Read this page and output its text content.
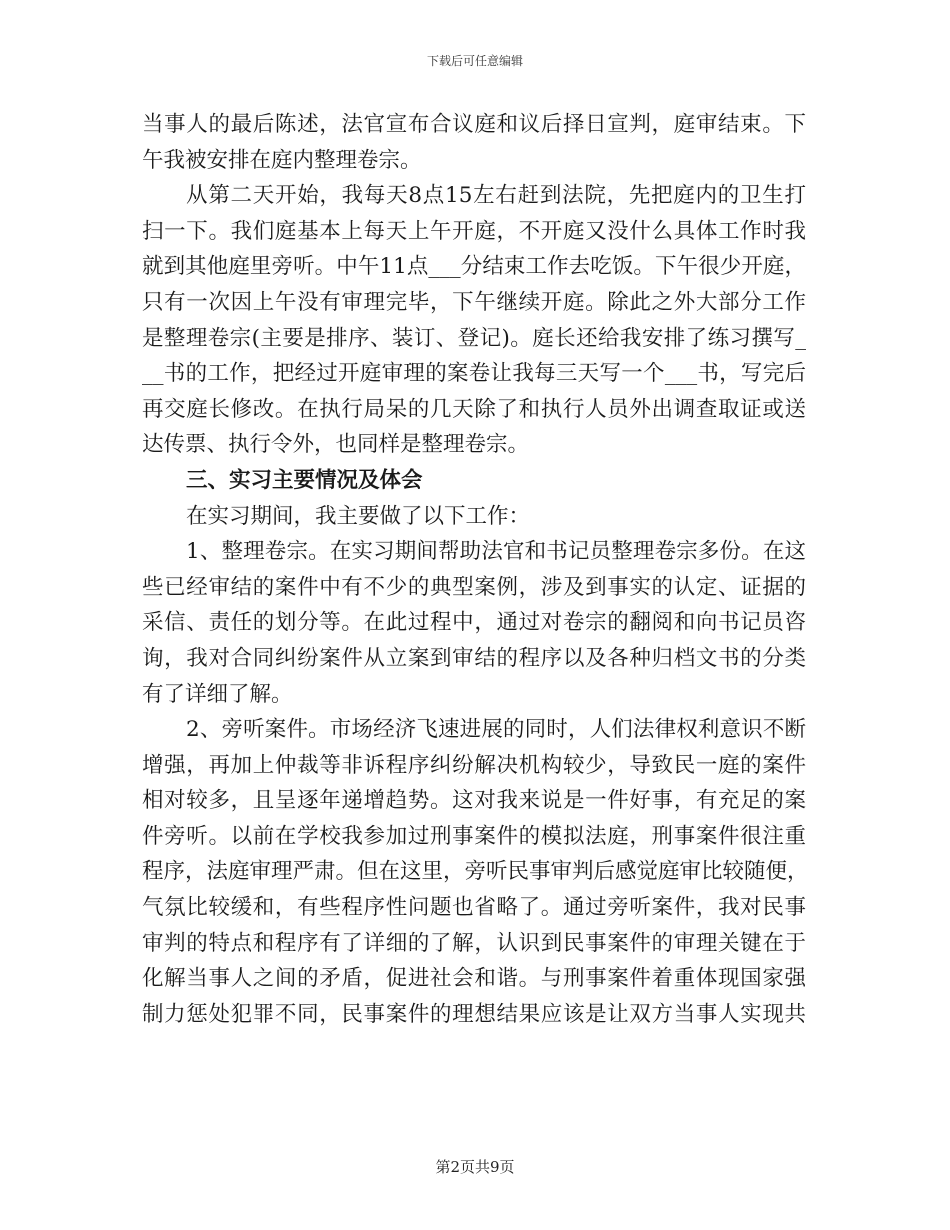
下载后可任意编辑
当事人的最后陈述，法官宣布合议庭和议后择日宣判，庭审结束。下
午我被安排在庭内整理卷宗。
从第二天开始，我每天8点15左右赶到法院，先把庭内的卫生打
扫一下。我们庭基本上每天上午开庭，不开庭又没什么具体工作时我
就到其他庭里旁听。中午11点___分结束工作去吃饭。下午很少开庭，
只有一次因上午没有审理完毕，下午继续开庭。除此之外大部分工作
是整理卷宗(主要是排序、装订、登记)。庭长还给我安排了练习撰写_
__书的工作，把经过开庭审理的案卷让我每三天写一个___书，写完后
再交庭长修改。在执行局呆的几天除了和执行人员外出调查取证或送
达传票、执行令外，也同样是整理卷宗。
三、实习主要情况及体会
在实习期间，我主要做了以下工作：
1、整理卷宗。在实习期间帮助法官和书记员整理卷宗多份。在这
些已经审结的案件中有不少的典型案例，涉及到事实的认定、证据的
采信、责任的划分等。在此过程中，通过对卷宗的翻阅和向书记员咨
询，我对合同纠纷案件从立案到审结的程序以及各种归档文书的分类
有了详细了解。
2、旁听案件。市场经济飞速进展的同时，人们法律权利意识不断
增强，再加上仲裁等非诉程序纠纷解决机构较少，导致民一庭的案件
相对较多，且呈逐年递增趋势。这对我来说是一件好事，有充足的案
件旁听。以前在学校我参加过刑事案件的模拟法庭，刑事案件很注重
程序，法庭审理严肃。但在这里，旁听民事审判后感觉庭审比较随便，
气氛比较缓和，有些程序性问题也省略了。通过旁听案件，我对民事
审判的特点和程序有了详细的了解，认识到民事案件的审理关键在于
化解当事人之间的矛盾，促进社会和谐。与刑事案件着重体现国家强
制力惩处犯罪不同，民事案件的理想结果应该是让双方当事人实现共
第2页共9页
